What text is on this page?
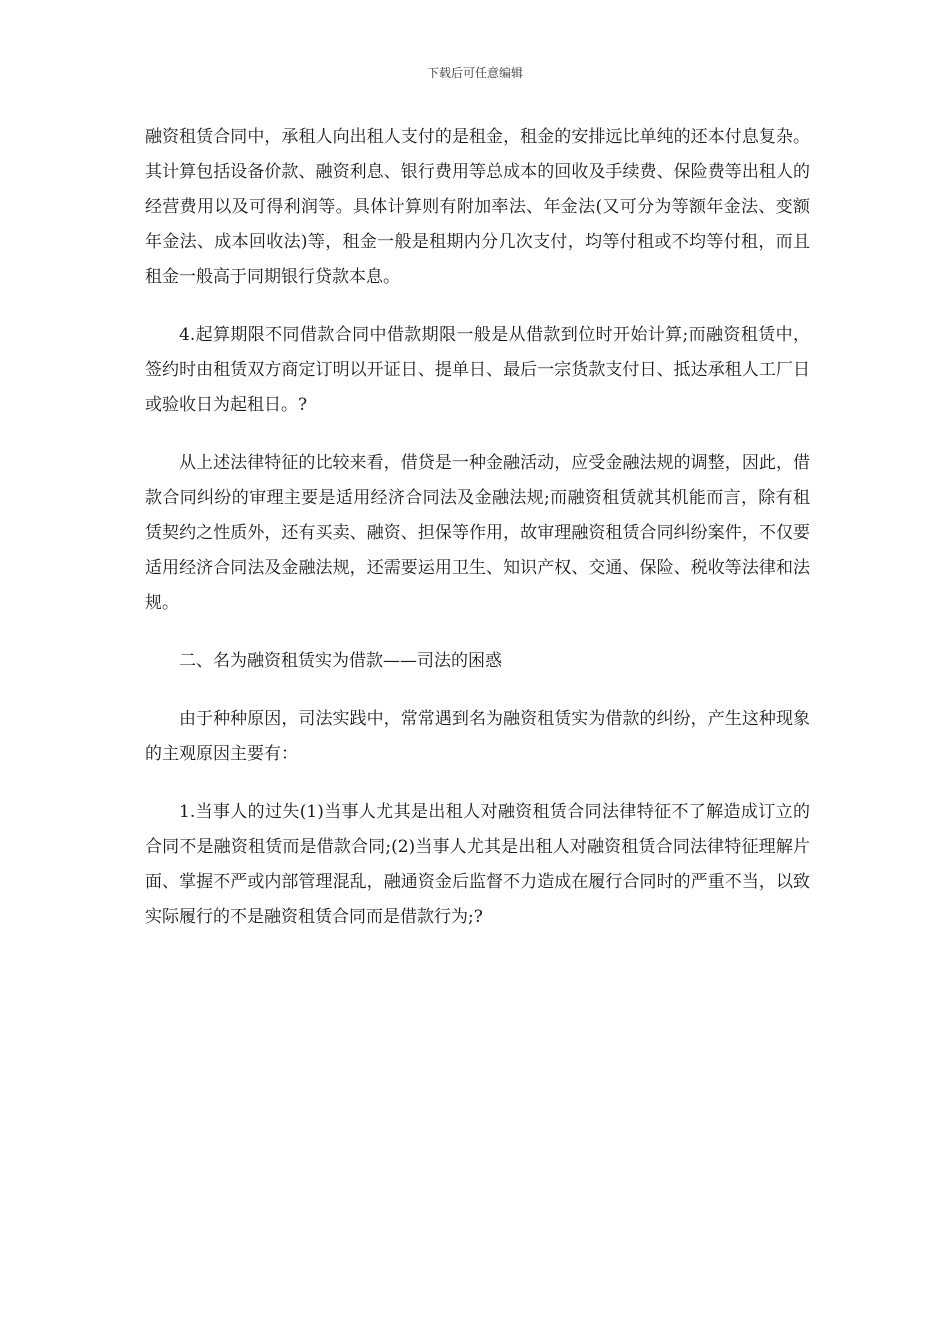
下载后可任意编辑

融资租赁合同中，承租人向出租人支付的是租金，租金的安排远比单纯的还本付息复杂。其计算包括设备价款、融资利息、银行费用等总成本的回收及手续费、保险费等出租人的经营费用以及可得利润等。具体计算则有附加率法、年金法(又可分为等额年金法、变额年金法、成本回收法)等，租金一般是租期内分几次支付，均等付租或不均等付租，而且租金一般高于同期银行贷款本息。

4.起算期限不同借款合同中借款期限一般是从借款到位时开始计算;而融资租赁中，签约时由租赁双方商定订明以开证日、提单日、最后一宗货款支付日、抵达承租人工厂日或验收日为起租日。?

从上述法律特征的比较来看，借贷是一种金融活动，应受金融法规的调整，因此，借款合同纠纷的审理主要是适用经济合同法及金融法规;而融资租赁就其机能而言，除有租赁契约之性质外，还有买卖、融资、担保等作用，故审理融资租赁合同纠纷案件，不仅要适用经济合同法及金融法规，还需要运用卫生、知识产权、交通、保险、税收等法律和法规。

二、名为融资租赁实为借款——司法的困惑

由于种种原因，司法实践中，常常遇到名为融资租赁实为借款的纠纷，产生这种现象的主观原因主要有：

1.当事人的过失(1)当事人尤其是出租人对融资租赁合同法律特征不了解造成订立的合同不是融资租赁而是借款合同;(2)当事人尤其是出租人对融资租赁合同法律特征理解片面、掌握不严或内部管理混乱，融通资金后监督不力造成在履行合同时的严重不当，以致实际履行的不是融资租赁合同而是借款行为;?
